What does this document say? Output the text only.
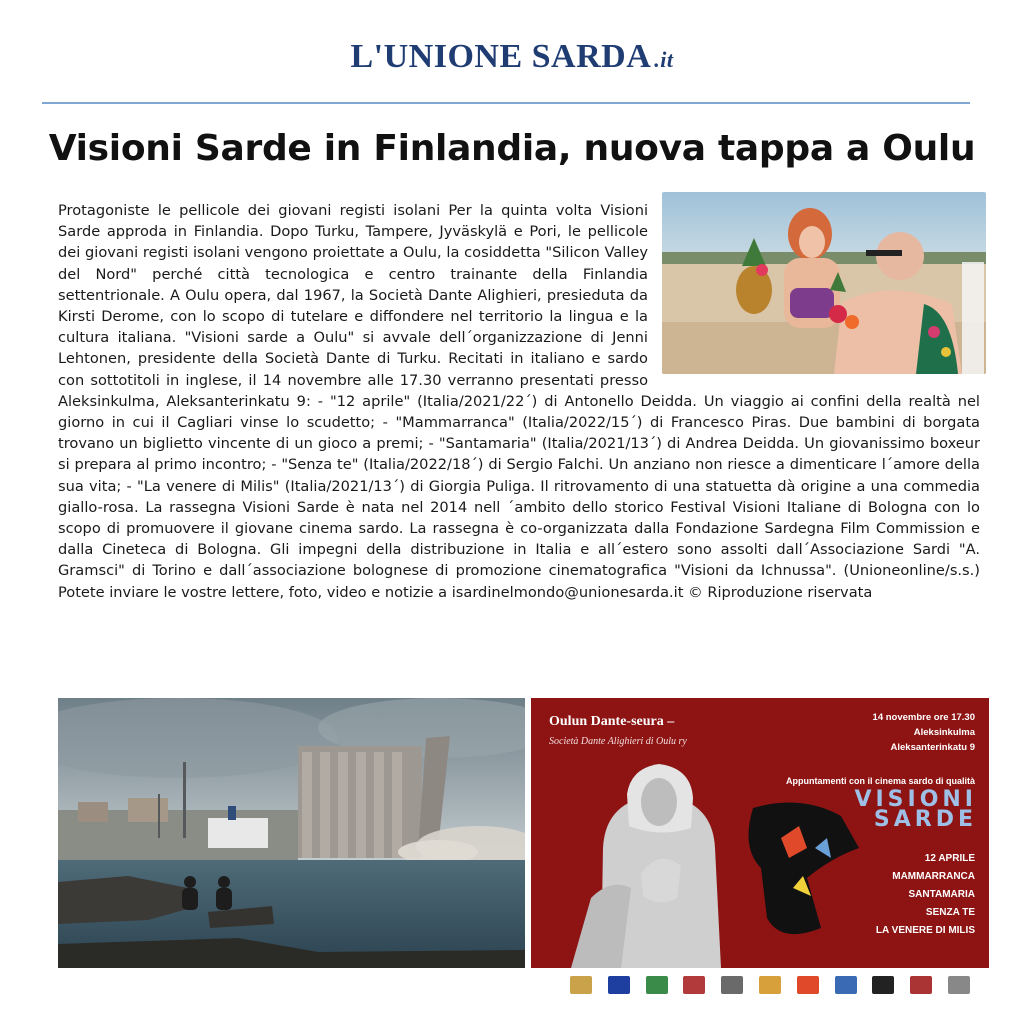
L'UNIONE SARDA .it
Visioni Sarde in Finlandia, nuova tappa a Oulu
Protagoniste le pellicole dei giovani registi isolani Per la quinta volta Visioni Sarde approda in Finlandia. Dopo Turku, Tampere, Jyväskylä e Pori, le pellicole dei giovani registi isolani vengono proiettate a Oulu, la cosiddetta "Silicon Valley del Nord" perché città tecnologica e centro trainante della Finlandia settentrionale. A Oulu opera, dal 1967, la Società Dante Alighieri, presieduta da Kirsti Derome, con lo scopo di tutelare e diffondere nel territorio la lingua e la cultura italiana. "Visioni sarde a Oulu" si avvale dell´organizzazione di Jenni Lehtonen, presidente della Società Dante di Turku. Recitati in italiano e sardo con sottotitoli in inglese, il 14 novembre alle 17.30 verranno presentati presso Aleksinkulma, Aleksanterinkatu 9: - "12 aprile" (Italia/2021/22´) di Antonello Deidda. Un viaggio ai confini della realtà nel giorno in cui il Cagliari vinse lo scudetto; - "Mammarranca" (Italia/2022/15´) di Francesco Piras. Due bambini di borgata trovano un biglietto vincente di un gioco a premi; - "Santamaria" (Italia/2021/13´) di Andrea Deidda. Un giovanissimo boxeur si prepara al primo incontro; - "Senza te" (Italia/2022/18´) di Sergio Falchi. Un anziano non riesce a dimenticare l´amore della sua vita; - "La venere di Milis" (Italia/2021/13´) di Giorgia Puliga. Il ritrovamento di una statuetta dà origine a una commedia giallo-rosa. La rassegna Visioni Sarde è nata nel 2014 nell ´ambito dello storico Festival Visioni Italiane di Bologna con lo scopo di promuovere il giovane cinema sardo. La rassegna è co-organizzata dalla Fondazione Sardegna Film Commission e dalla Cineteca di Bologna. Gli impegni della distribuzione in Italia e all´estero sono assolti dall´Associazione Sardi "A. Gramsci" di Torino e dall´associazione bolognese di promozione cinematografica "Visioni da Ichnussa". (Unioneonline/s.s.) Potete inviare le vostre lettere, foto, video e notizie a isardinelmondo@unionesarda.it © Riproduzione riservata
Oulun Dante-seura –
Società Dante Alighieri di Oulu ry
14 novembre ore 17.30
Aleksinkulma
Aleksanterinkatu 9
Appuntamenti con il cinema sardo di qualità
VISIONI
SARDE
12 APRILE
MAMMARRANCA
SANTAMARIA
SENZA TE
LA VENERE DI MILIS
